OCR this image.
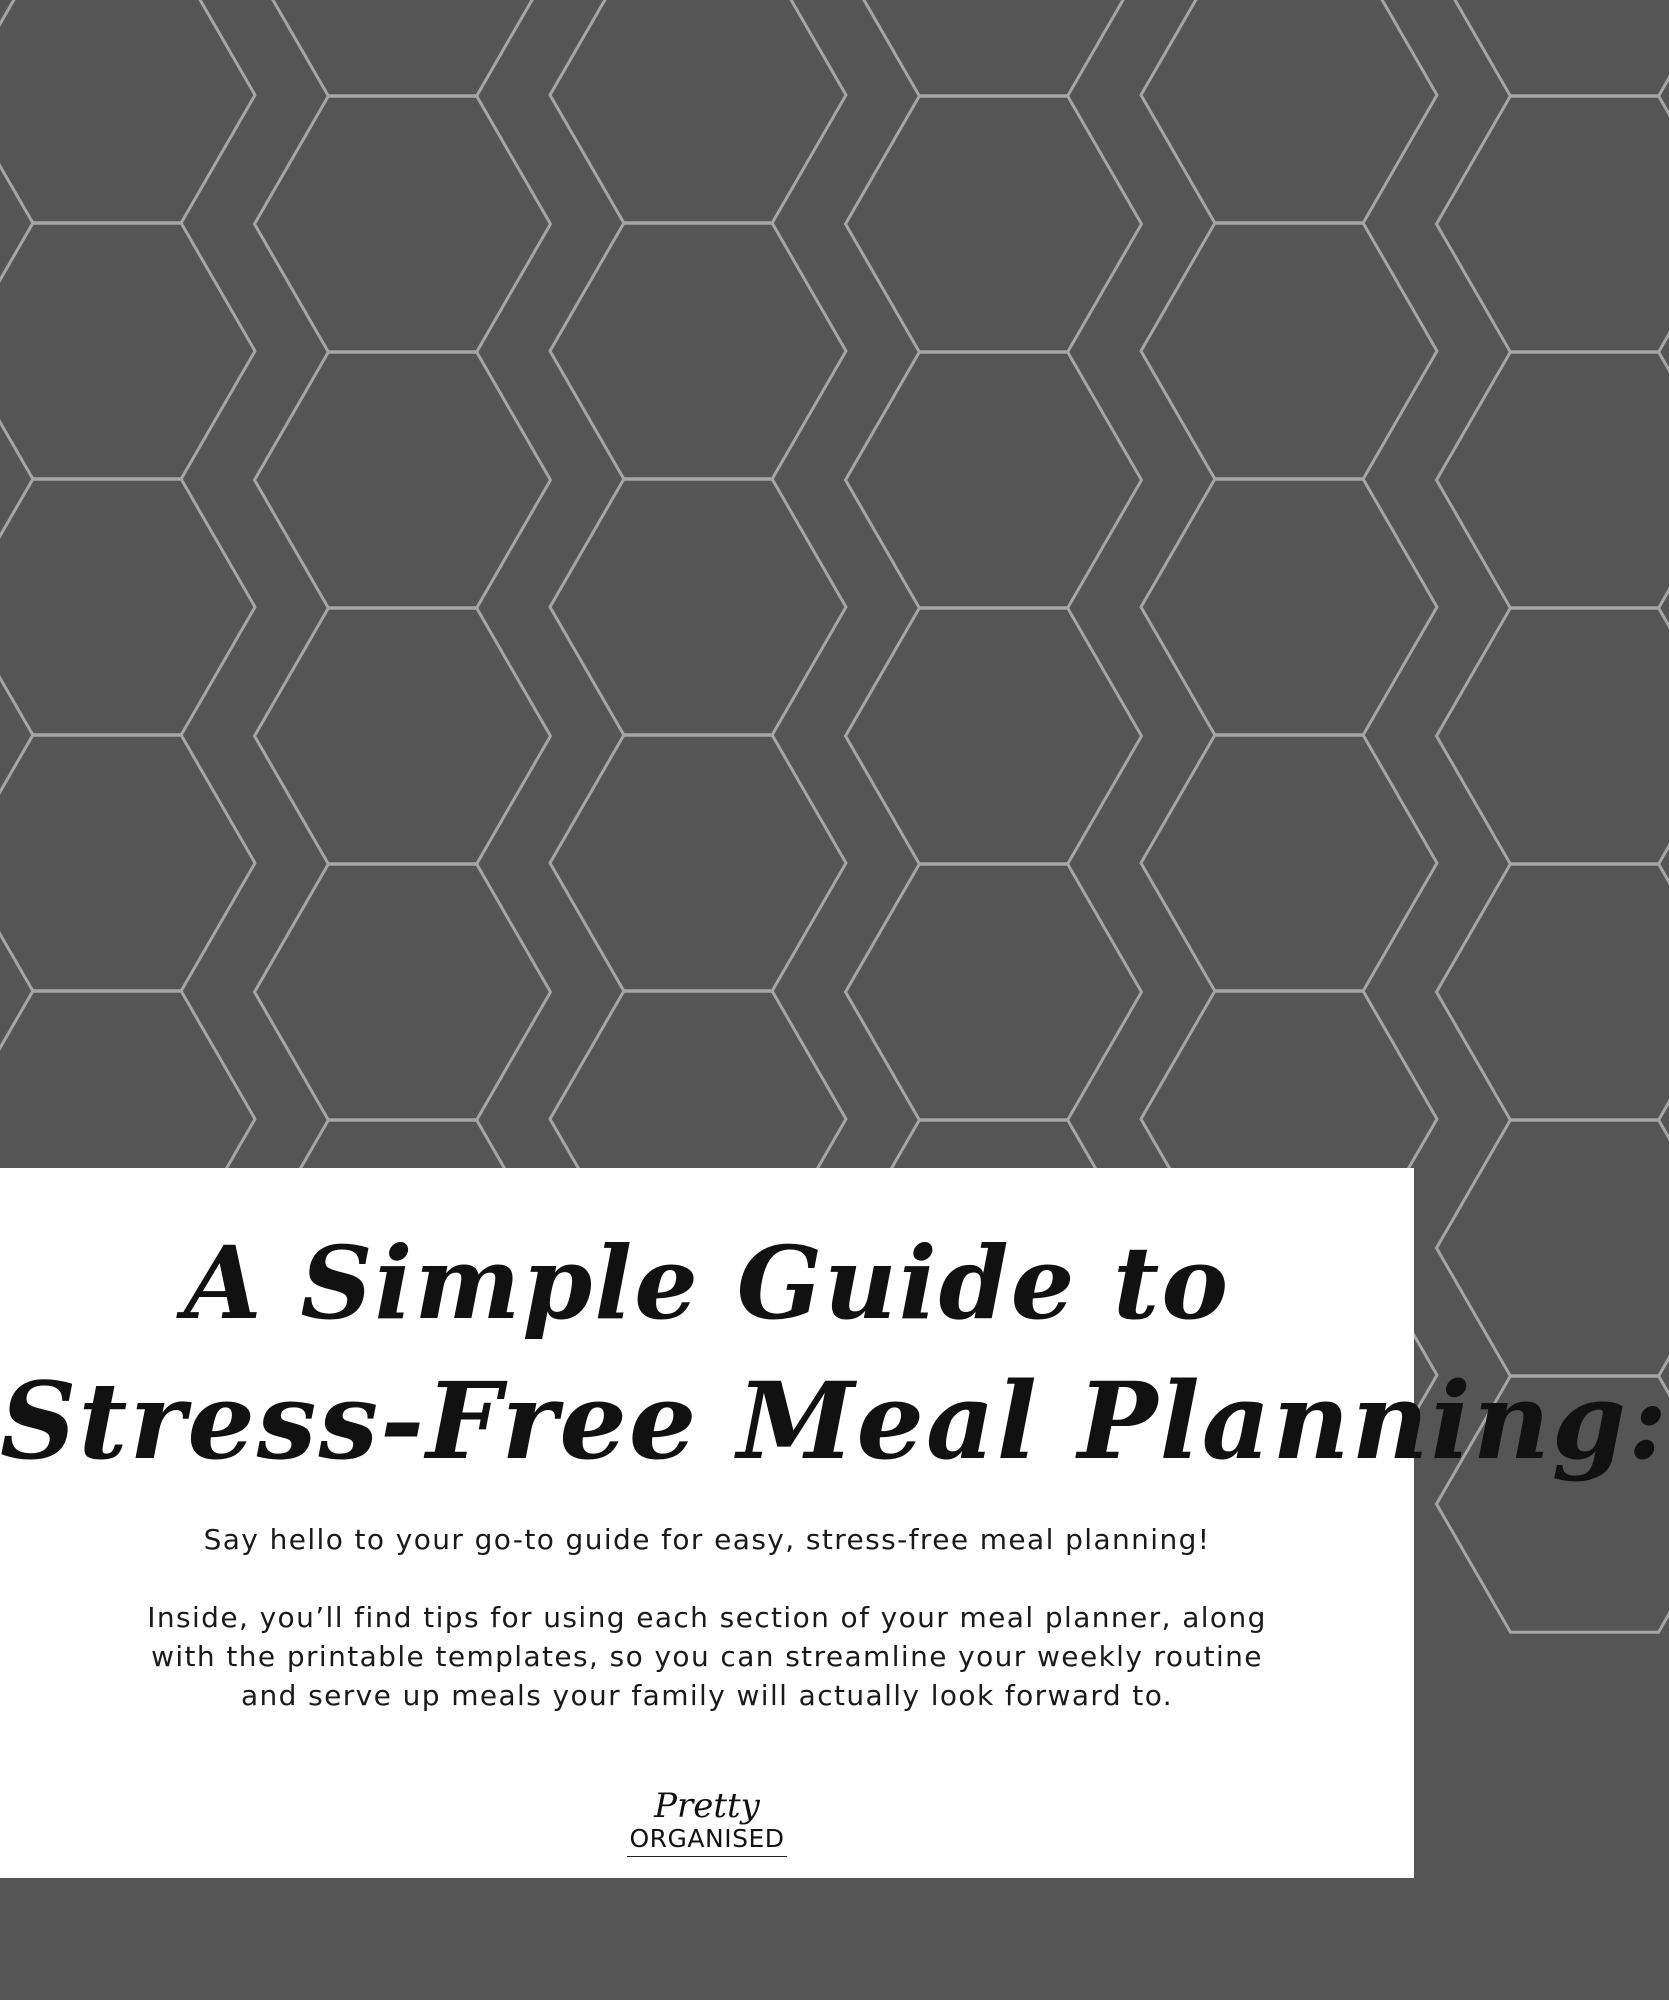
A Simple Guide to
Stress-Free Meal Planning:

Say hello to your go-to guide for easy, stress-free meal planning!

Inside, you’ll find tips for using each section of your meal planner, along with the printable templates, so you can streamline your weekly routine and serve up meals your family will actually look forward to.

Pretty
ORGANISED
